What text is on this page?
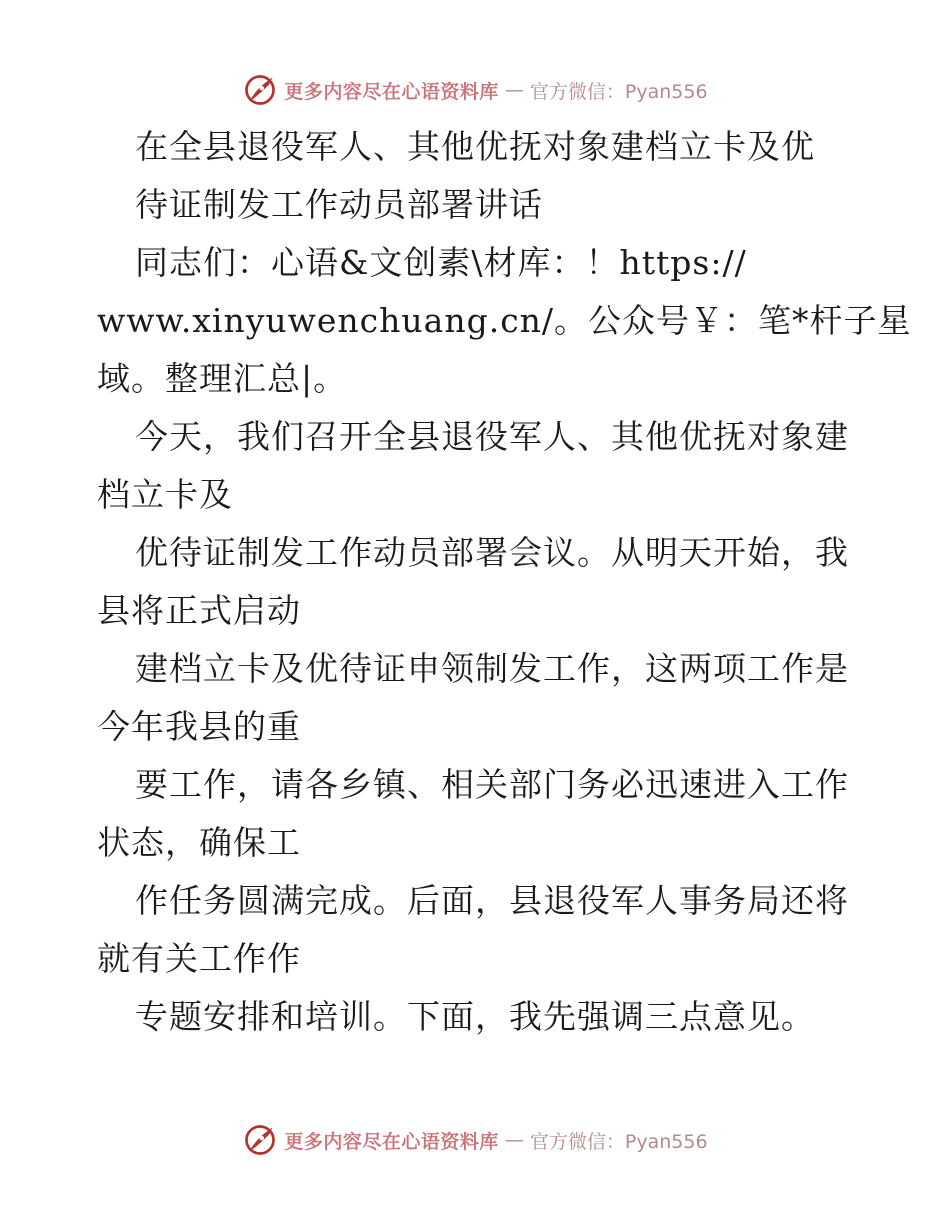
更多内容尽在心语资料库 — 官方微信：Pyan556

在全县退役军人、其他优抚对象建档立卡及优
待证制发工作动员部署讲话

同志们：心语&文创素\材库：！https://
www.xinyuwenchuang.cn/。公众号￥：笔*杆子星
域。整理汇总|。

今天，我们召开全县退役军人、其他优抚对象建
档立卡及

优待证制发工作动员部署会议。从明天开始，我
县将正式启动

建档立卡及优待证申领制发工作，这两项工作是
今年我县的重

要工作，请各乡镇、相关部门务必迅速进入工作
状态，确保工

作任务圆满完成。后面，县退役军人事务局还将
就有关工作作

专题安排和培训。下面，我先强调三点意见。

更多内容尽在心语资料库 — 官方微信：Pyan556
